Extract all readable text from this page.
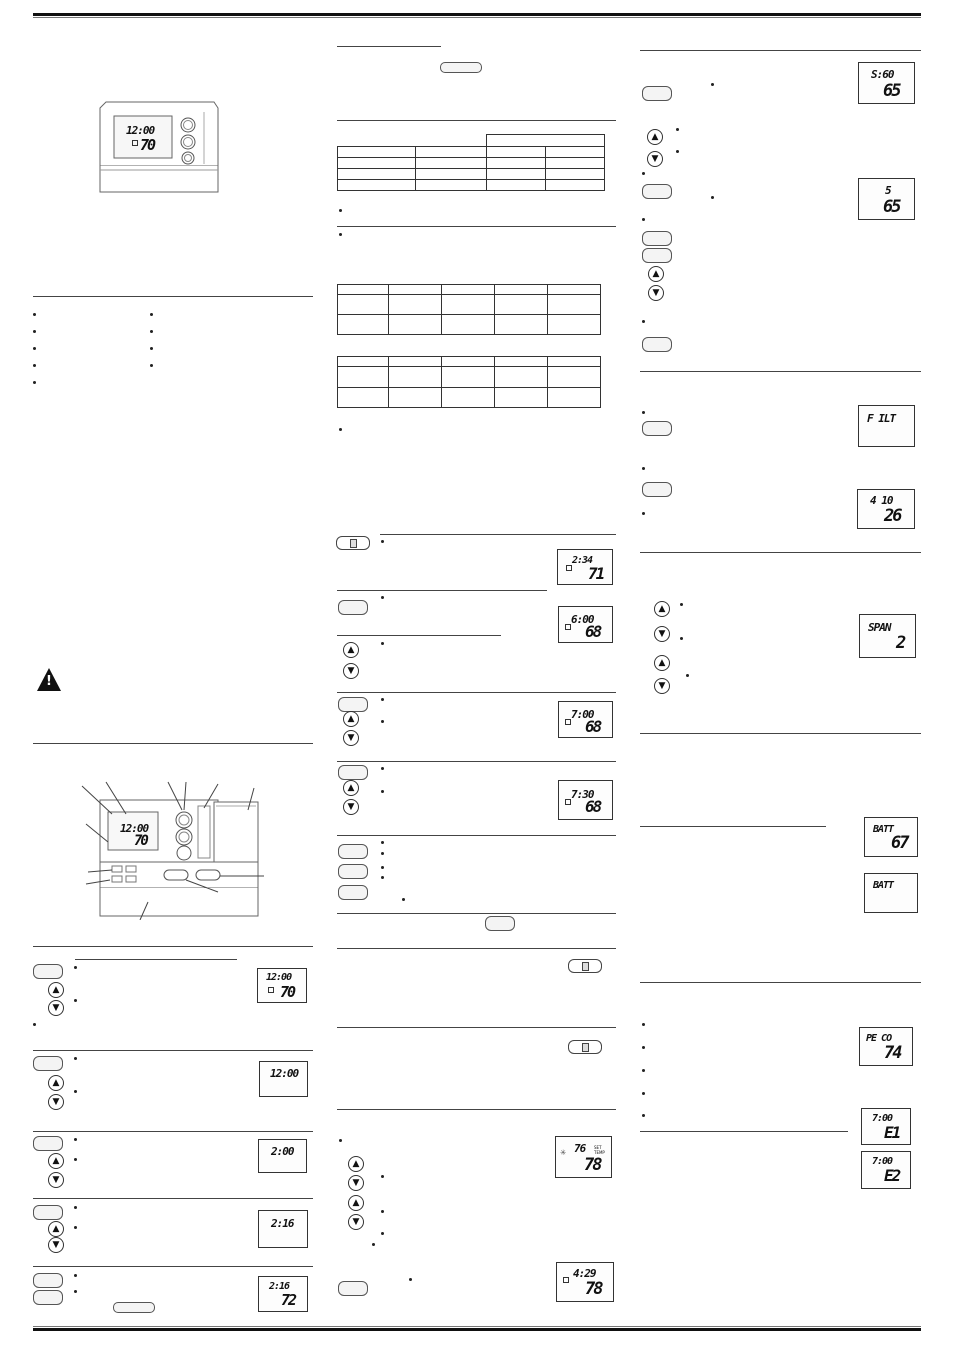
12:00
70
!
12:00
70
▲
▼
12:00
70
▲
▼
12:00
▲
▼
2:00
▲
▼
2:16
2:16
72

2:34
71
6:00
68
▲
▼
▲
▼
7:00
68
▲
▼
7:30
68
▲
▼
▲
▼
76 SET TEMP
✳
78
4:29
78
S:60
65
▲
▼
5
65
▲
▼
F ILT
4 10
26
▲
▼
▲
▼
SPAN
2
BATT
67
BATT
PE CO
74
7:00
E1
7:00
E2
